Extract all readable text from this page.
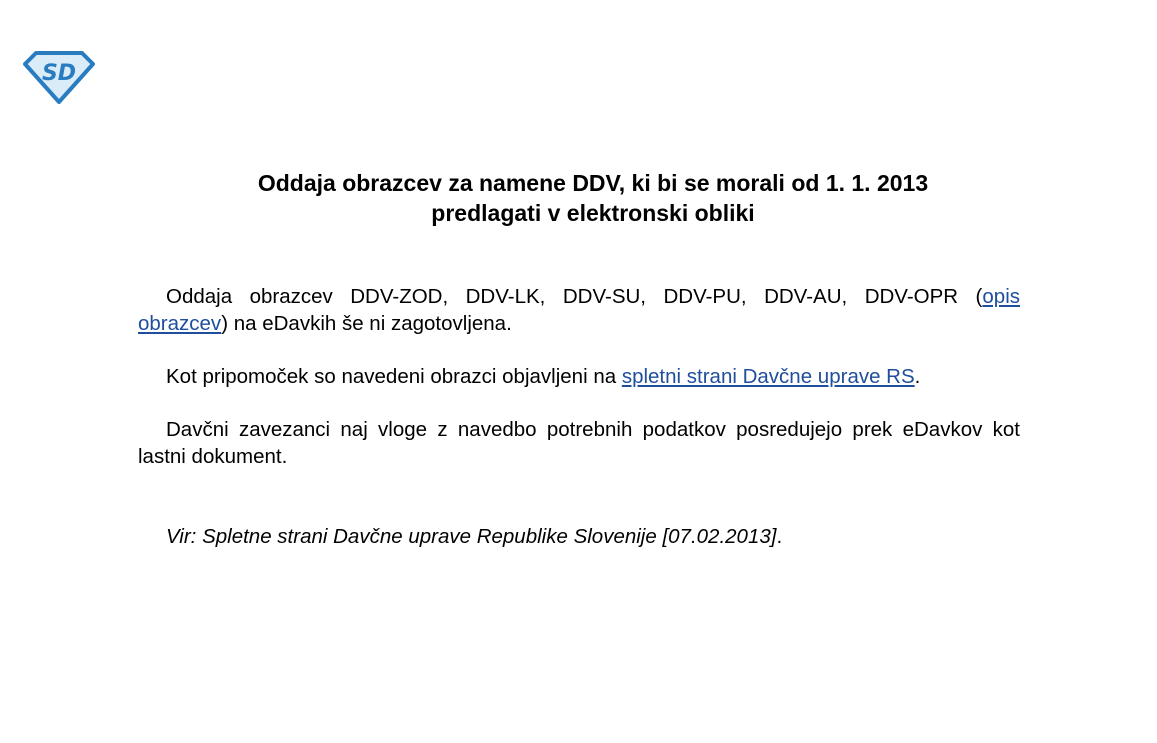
SD
Oddaja obrazcev za namene DDV, ki bi se morali od 1. 1. 2013
predlagati v elektronski obliki

Oddaja obrazcev DDV-ZOD, DDV-LK, DDV-SU, DDV-PU, DDV-AU, DDV-OPR (opis obrazcev) na eDavkih še ni zagotovljena.

Kot pripomoček so navedeni obrazci objavljeni na spletni strani Davčne uprave RS.

Davčni zavezanci naj vloge z navedbo potrebnih podatkov posredujejo prek eDavkov kot lastni dokument.

Vir: Spletne strani Davčne uprave Republike Slovenije [07.02.2013].
